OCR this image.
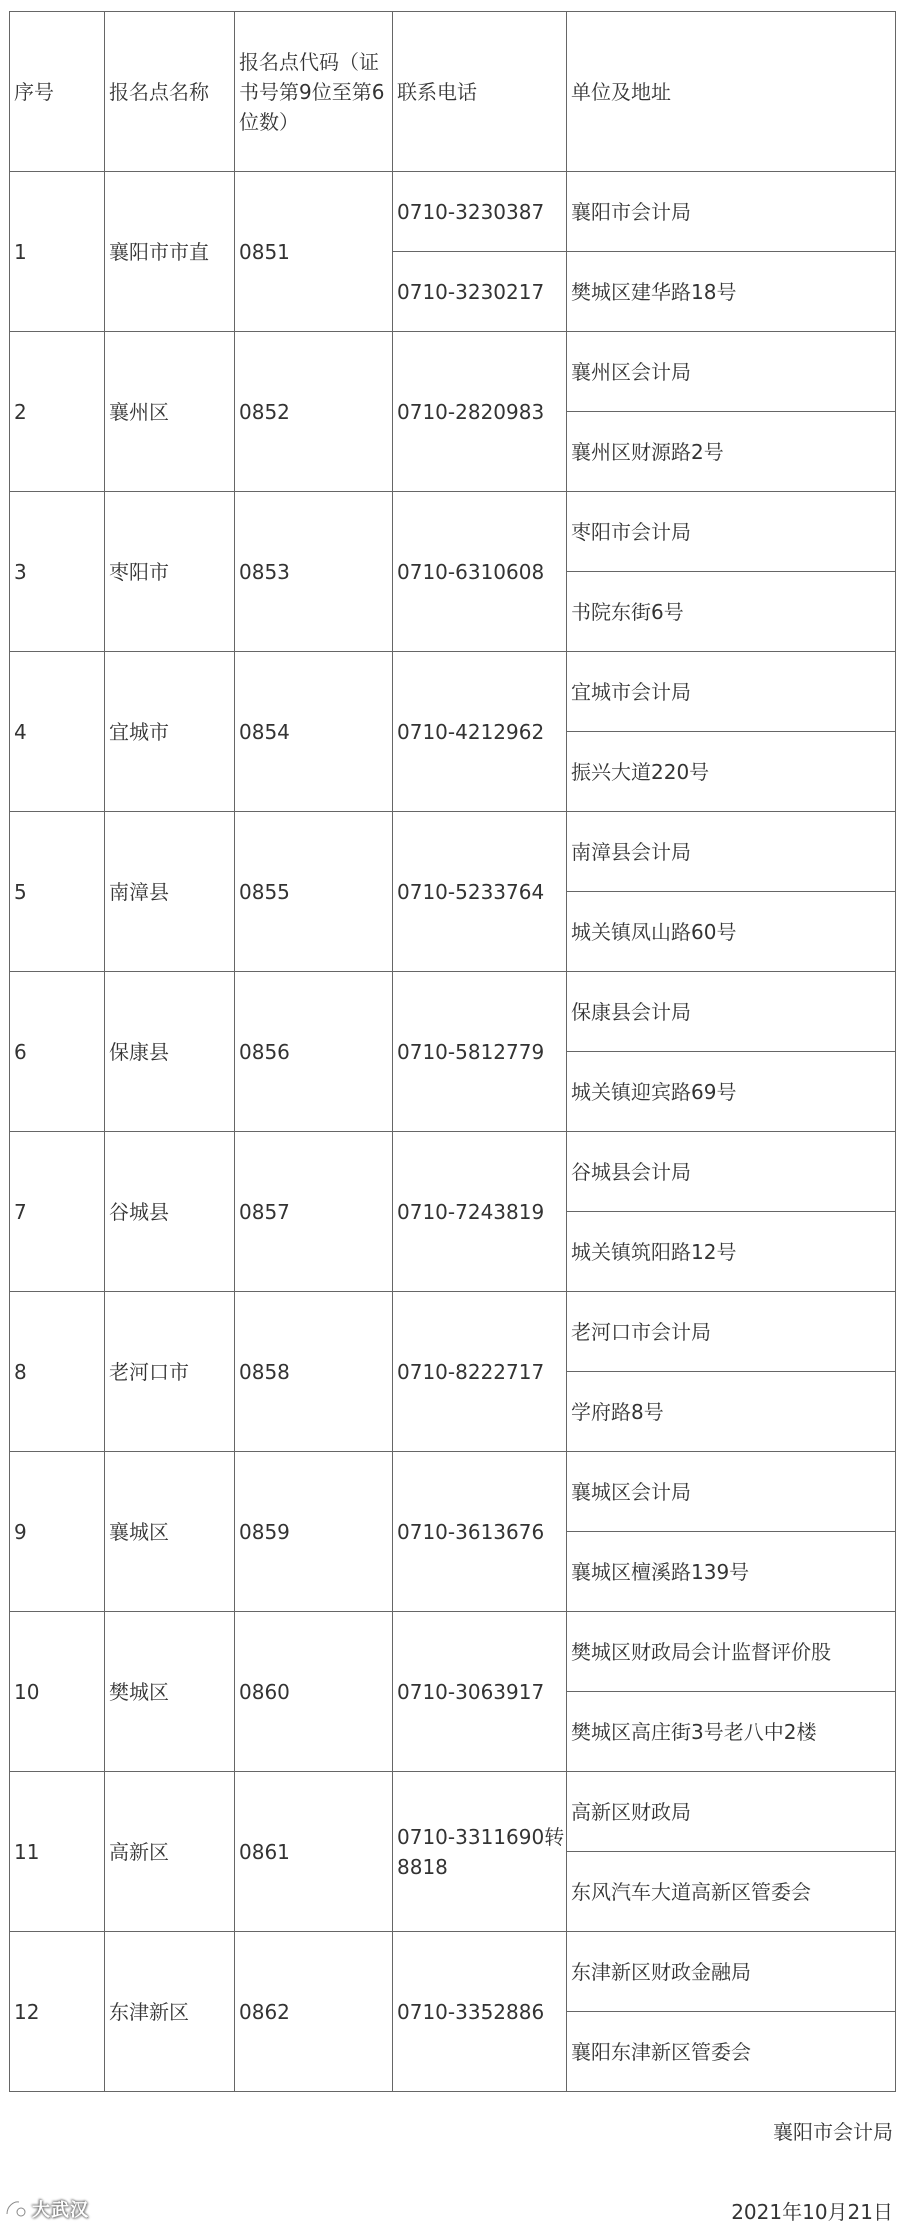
序号	报名点名称	报名点代码（证书号第9位至第6位数）	联系电话	单位及地址
1	襄阳市市直	0851	0710-3230387	襄阳市会计局
			0710-3230217	樊城区建华路18号
2	襄州区	0852	0710-2820983	襄州区会计局
				襄州区财源路2号
3	枣阳市	0853	0710-6310608	枣阳市会计局
				书院东街6号
4	宜城市	0854	0710-4212962	宜城市会计局
				振兴大道220号
5	南漳县	0855	0710-5233764	南漳县会计局
				城关镇凤山路60号
6	保康县	0856	0710-5812779	保康县会计局
				城关镇迎宾路69号
7	谷城县	0857	0710-7243819	谷城县会计局
				城关镇筑阳路12号
8	老河口市	0858	0710-8222717	老河口市会计局
				学府路8号
9	襄城区	0859	0710-3613676	襄城区会计局
				襄城区檀溪路139号
10	樊城区	0860	0710-3063917	樊城区财政局会计监督评价股
				樊城区高庄街3号老八中2楼
11	高新区	0861	0710-3311690转8818	高新区财政局
				东风汽车大道高新区管委会
12	东津新区	0862	0710-3352886	东津新区财政金融局
				襄阳东津新区管委会
襄阳市会计局
2021年10月21日
大武汉
